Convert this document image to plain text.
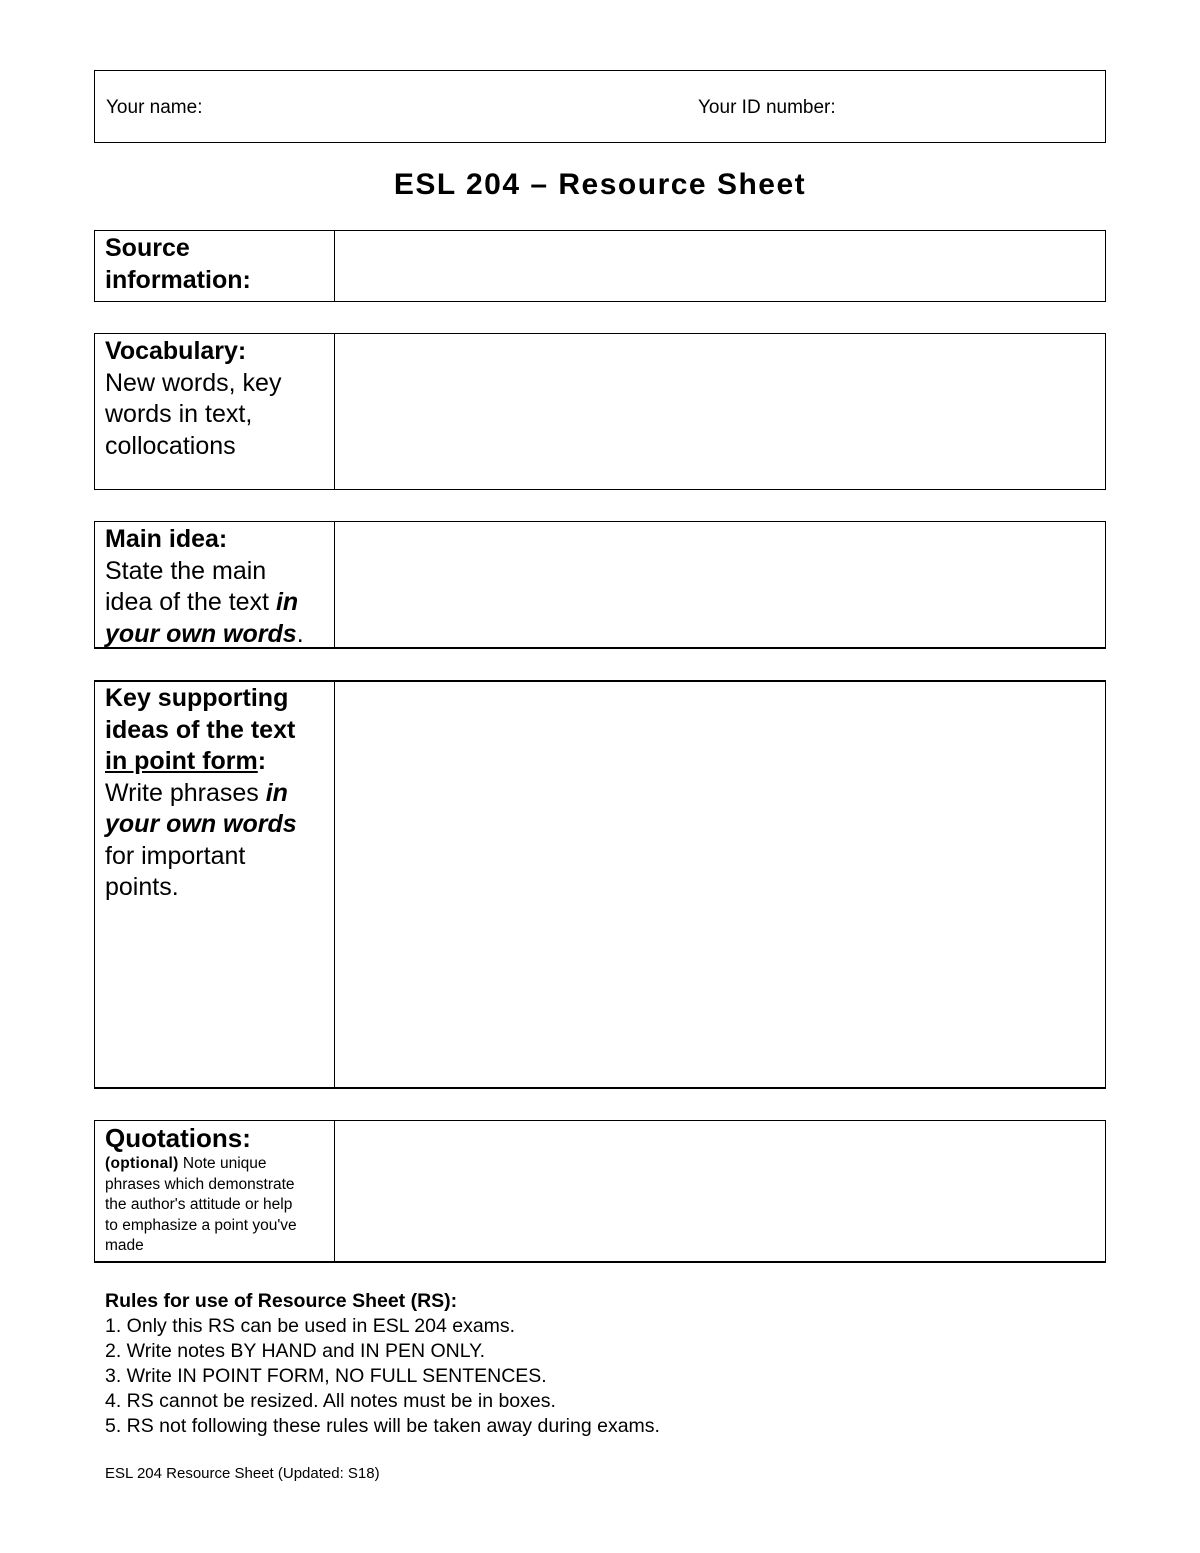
Your name:	Your ID number:
ESL 204 – Resource Sheet
Source
information:
Vocabulary:
New words, key
words in text,
collocations
Main idea:
State the main
idea of the text in
your own words.
Key supporting
ideas of the text
in point form:
Write phrases in
your own words
for important
points.
Quotations:
(optional) Note unique
phrases which demonstrate
the author's attitude or help
to emphasize a point you've
made
Rules for use of Resource Sheet (RS):
1. Only this RS can be used in ESL 204 exams.
2. Write notes BY HAND and IN PEN ONLY.
3. Write IN POINT FORM, NO FULL SENTENCES.
4. RS cannot be resized. All notes must be in boxes.
5. RS not following these rules will be taken away during exams.
ESL 204 Resource Sheet (Updated: S18)
